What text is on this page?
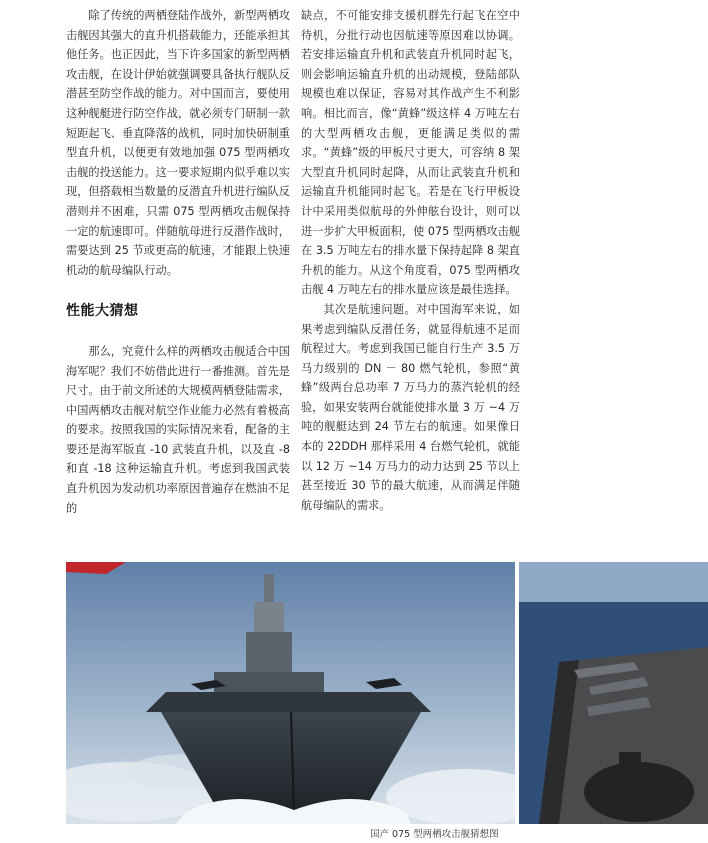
除了传统的两栖登陆作战外，新型两栖攻击舰因其强大的直升机搭载能力，还能承担其他任务。也正因此，当下许多国家的新型两栖攻击舰，在设计伊始就强调要具备执行舰队反潜甚至防空作战的能力。对中国而言，要使用这种舰艇进行防空作战，就必须专门研制一款短距起飞、垂直降落的战机，同时加快研制重型直升机，以便更有效地加强 075 型两栖攻击舰的投送能力。这一要求短期内似乎难以实现，但搭载相当数量的反潜直升机进行编队反潜则并不困难，只需 075 型两栖攻击舰保持一定的航速即可。伴随航母进行反潜作战时，需要达到 25 节或更高的航速，才能跟上快速机动的航母编队行动。

性能大猜想

那么，究竟什么样的两栖攻击舰适合中国海军呢？我们不妨借此进行一番推测。首先是尺寸。由于前文所述的大规模两栖登陆需求，中国两栖攻击舰对航空作业能力必然有着极高的要求。按照我国的实际情况来看，配备的主要还是海军版直 -10 武装直升机，以及直 -8 和直 -18 这种运输直升机。考虑到我国武装直升机因为发动机功率原因普遍存在燃油不足的

缺点，不可能安排支援机群先行起飞在空中待机，分批行动也因航速等原因难以协调。若安排运输直升机和武装直升机同时起飞，则会影响运输直升机的出动规模，登陆部队规模也难以保证，容易对其作战产生不利影响。相比而言，像“黄蜂”级这样 4 万吨左右的大型两栖攻击舰，更能满足类似的需求。“黄蜂”级的甲板尺寸更大，可容纳 8 架大型直升机同时起降，从而让武装直升机和运输直升机能同时起飞。若是在飞行甲板设计中采用类似航母的外伸舷台设计，则可以进一步扩大甲板面积，使 075 型两栖攻击舰在 3.5 万吨左右的排水量下保持起降 8 架直升机的能力。从这个角度看，075 型两栖攻击舰 4 万吨左右的排水量应该是最佳选择。

其次是航速问题。对中国海军来说，如果考虑到编队反潜任务，就显得航速不足而航程过大。考虑到我国已能自行生产 3.5 万马力级别的 DN － 80 燃气轮机，参照“黄蜂”级两台总功率 7 万马力的蒸汽轮机的经验，如果安装两台就能使排水量 3 万 ~4 万吨的舰艇达到 24 节左右的航速。如果像日本的 22DDH 那样采用 4 台燃气轮机，就能以 12 万 ~14 万马力的动力达到 25 节以上甚至接近 30 节的最大航速，从而满足伴随航母编队的需求。

国产 075 型两栖攻击舰猜想图
